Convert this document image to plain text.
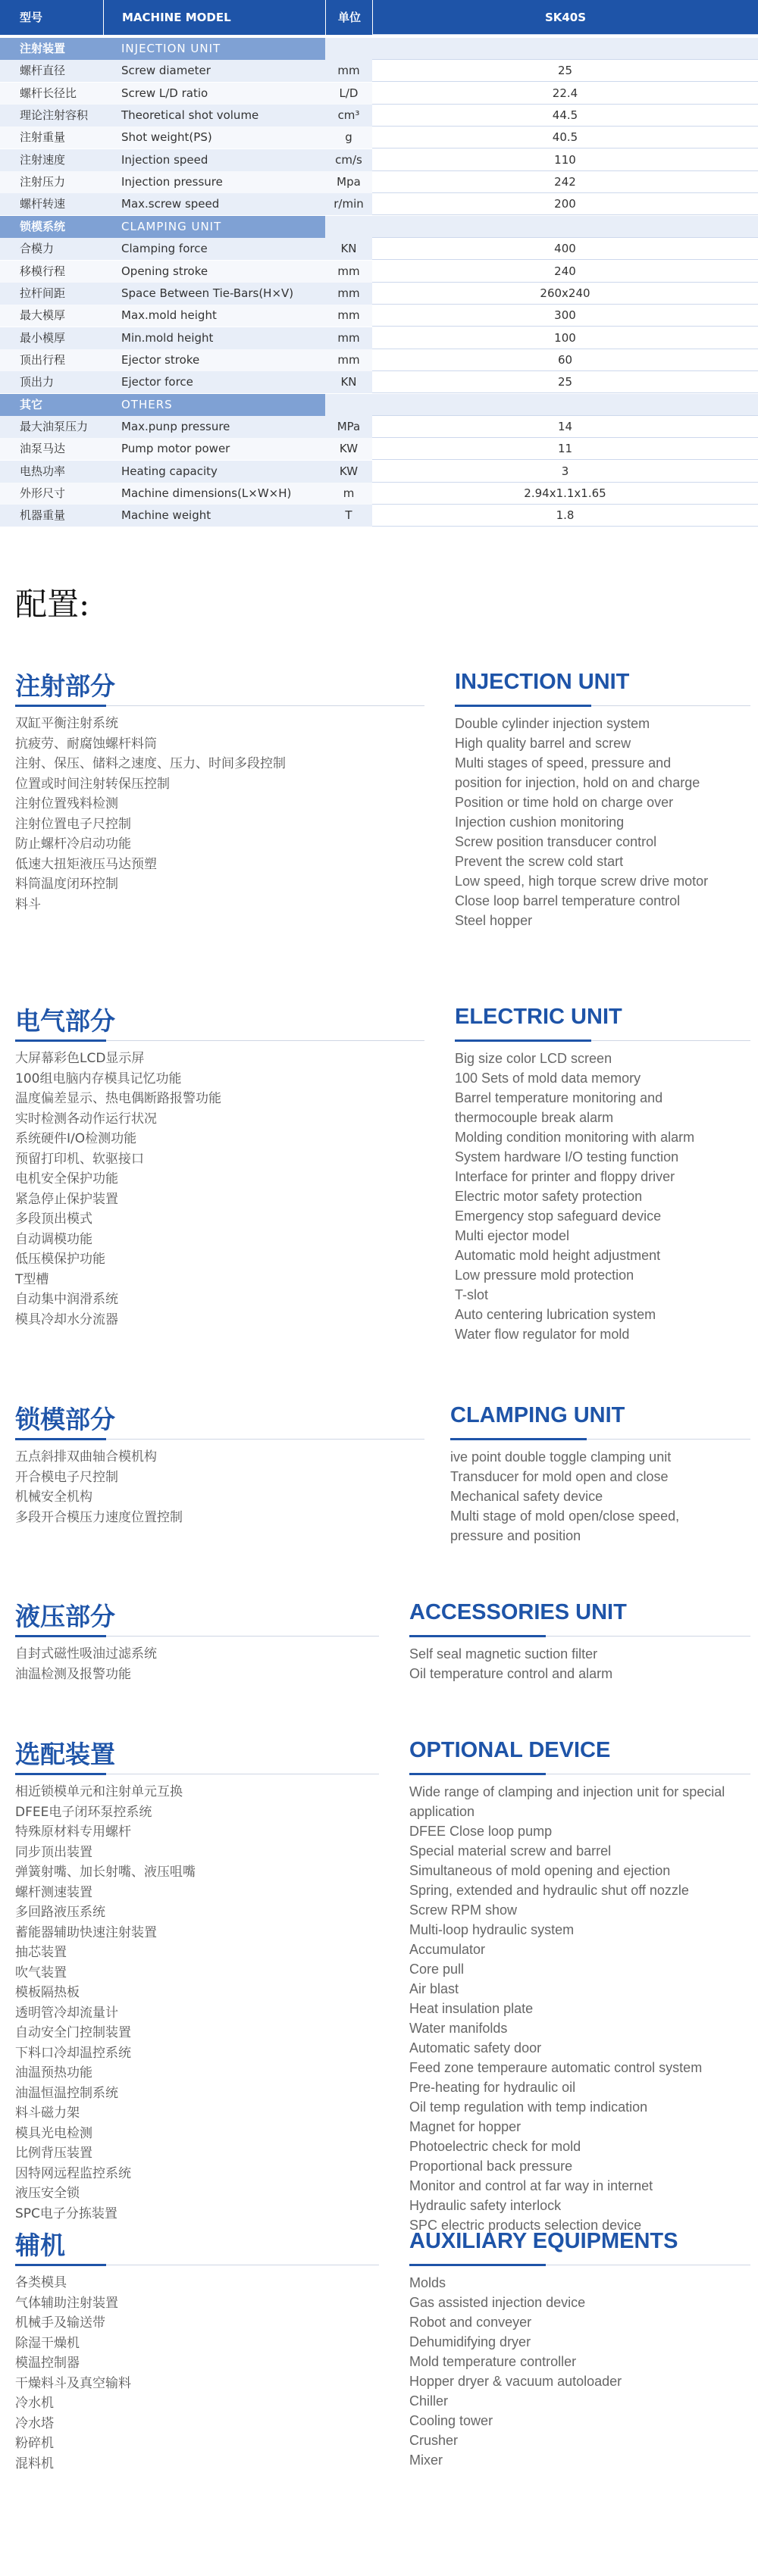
型号	MACHINE MODEL	单位	SK40S
注射装置	INJECTION UNIT
螺杆直径	Screw diameter	mm	25
螺杆长径比	Screw L/D ratio	L/D	22.4
理论注射容积	Theoretical shot volume	cm³	44.5
注射重量	Shot weight(PS)	g	40.5
注射速度	Injection speed	cm/s	110
注射压力	Injection pressure	Mpa	242
螺杆转速	Max.screw speed	r/min	200
锁模系统	CLAMPING UNIT
合模力	Clamping force	KN	400
移模行程	Opening stroke	mm	240
拉杆间距	Space Between Tie-Bars(H×V)	mm	260x240
最大模厚	Max.mold height	mm	300
最小模厚	Min.mold height	mm	100
顶出行程	Ejector stroke	mm	60
顶出力	Ejector force	KN	25
其它	OTHERS
最大油泵压力	Max.punp pressure	MPa	14
油泵马达	Pump motor power	KW	11
电热功率	Heating capacity	KW	3
外形尺寸	Machine dimensions(L×W×H)	m	2.94x1.1x1.65
机器重量	Machine weight	T	1.8
配置:
注射部分	INJECTION UNIT
双缸平衡注射系统
抗疲劳、耐腐蚀螺杆料筒
注射、保压、储料之速度、压力、时间多段控制
位置或时间注射转保压控制
注射位置残料检测
注射位置电子尺控制
防止螺杆冷启动功能
低速大扭矩液压马达预塑
料筒温度闭环控制
料斗
Double cylinder injection system
High quality barrel and screw
Multi stages of speed, pressure and
position for injection, hold on and charge
Position or time hold on charge over
Injection cushion monitoring
Screw position transducer control
Prevent the screw cold start
Low speed, high torque screw drive motor
Close loop barrel temperature control
Steel hopper
电气部分	ELECTRIC UNIT
大屏幕彩色LCD显示屏
100组电脑内存模具记忆功能
温度偏差显示、热电偶断路报警功能
实时检测各动作运行状况
系统硬件I/O检测功能
预留打印机、软驱接口
电机安全保护功能
紧急停止保护装置
多段顶出模式
自动调模功能
低压模保护功能
T型槽
自动集中润滑系统
模具冷却水分流器
Big size color LCD screen
100 Sets of mold data memory
Barrel temperature monitoring and
thermocouple break alarm
Molding condition monitoring with alarm
System hardware I/O testing function
Interface for printer and floppy driver
Electric motor safety protection
Emergency stop safeguard device
Multi ejector model
Automatic mold height adjustment
Low pressure mold protection
T-slot
Auto centering lubrication system
Water flow regulator for mold
锁模部分	CLAMPING UNIT
五点斜排双曲轴合模机构
开合模电子尺控制
机械安全机构
多段开合模压力速度位置控制
ive point double toggle clamping unit
Transducer for mold open and close
Mechanical safety device
Multi stage of mold open/close speed,
pressure and position
液压部分	ACCESSORIES UNIT
自封式磁性吸油过滤系统
油温检测及报警功能
Self seal magnetic suction filter
Oil temperature control and alarm
选配装置	OPTIONAL DEVICE
相近锁模单元和注射单元互换
DFEE电子闭环泵控系统
特殊原材料专用螺杆
同步顶出装置
弹簧射嘴、加长射嘴、液压咀嘴
螺杆测速装置
多回路液压系统
蓄能器辅助快速注射装置
抽芯装置
吹气装置
模板隔热板
透明管冷却流量计
自动安全门控制装置
下料口冷却温控系统
油温预热功能
油温恒温控制系统
料斗磁力架
模具光电检测
比例背压装置
因特网远程监控系统
液压安全锁
SPC电子分拣装置
Wide range of clamping and injection unit for special
application
DFEE Close loop pump
Special material screw and barrel
Simultaneous of mold opening and ejection
Spring, extended and hydraulic shut off nozzle
Screw RPM show
Multi-loop hydraulic system
Accumulator
Core pull
Air blast
Heat insulation plate
Water manifolds
Automatic safety door
Feed zone temperaure automatic control system
Pre-heating for hydraulic oil
Oil temp regulation with temp indication
Magnet for hopper
Photoelectric check for mold
Proportional back pressure
Monitor and control at far way in internet
Hydraulic safety interlock
SPC electric products selection device
辅机	AUXILIARY EQUIPMENTS
各类模具
气体辅助注射装置
机械手及输送带
除湿干燥机
模温控制器
干燥料斗及真空输料
冷水机
冷水塔
粉碎机
混料机
Molds
Gas assisted injection device
Robot and conveyer
Dehumidifying dryer
Mold temperature controller
Hopper dryer & vacuum autoloader
Chiller
Cooling tower
Crusher
Mixer
